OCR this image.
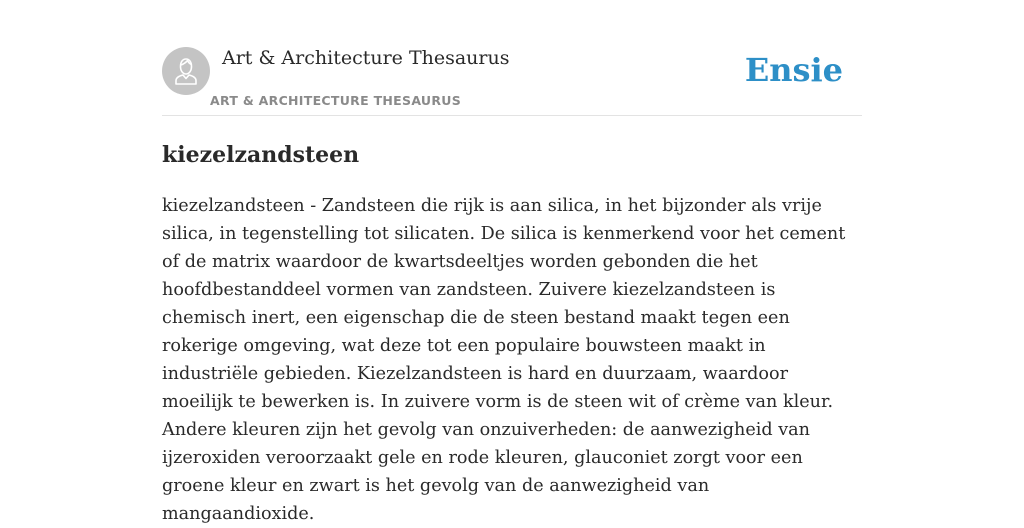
Art & Architecture Thesaurus
ART & ARCHITECTURE THESAURUS
Ensie
kiezelzandsteen

kiezelzandsteen - Zandsteen die rijk is aan silica, in het bijzonder als vrije silica, in tegenstelling tot silicaten. De silica is kenmerkend voor het cement of de matrix waardoor de kwartsdeeltjes worden gebonden die het hoofdbestanddeel vormen van zandsteen. Zuivere kiezelzandsteen is chemisch inert, een eigenschap die de steen bestand maakt tegen een rokerige omgeving, wat deze tot een populaire bouwsteen maakt in industriële gebieden. Kiezelzandsteen is hard en duurzaam, waardoor moeilijk te bewerken is. In zuivere vorm is de steen wit of crème van kleur. Andere kleuren zijn het gevolg van onzuiverheden: de aanwezigheid van ijzeroxiden veroorzaakt gele en rode kleuren, glauconiet zorgt voor een groene kleur en zwart is het gevolg van de aanwezigheid van mangaandioxide.
